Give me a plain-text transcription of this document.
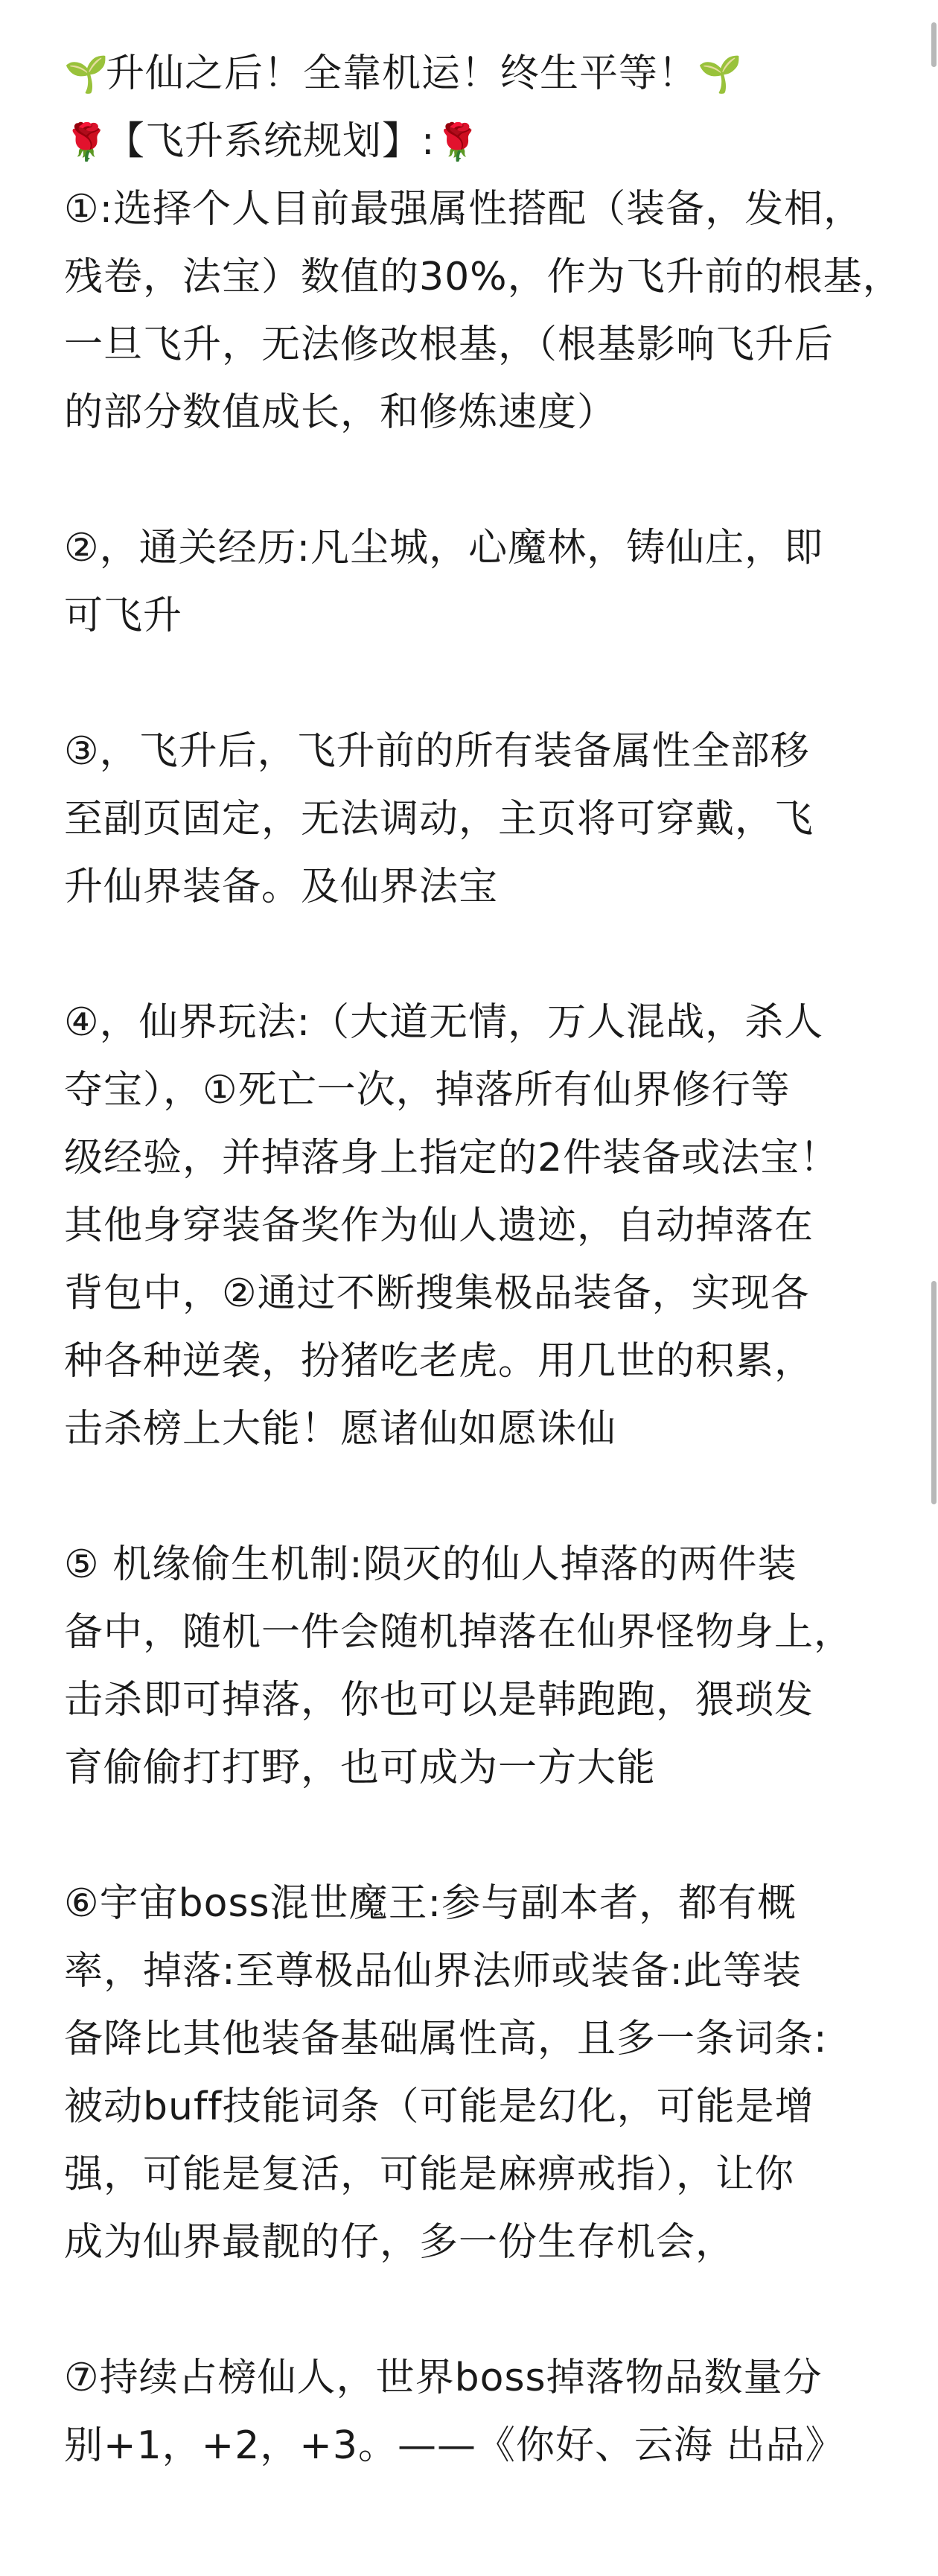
🌱升仙之后！全靠机运！终生平等！🌱
🌹【飞升系统规划】:🌹
①:选择个人目前最强属性搭配（装备，发相，
残卷，法宝）数值的30%，作为飞升前的根基，
一旦飞升，无法修改根基，（根基影响飞升后
的部分数值成长，和修炼速度）
②，通关经历:凡尘城，心魔林，铸仙庄，即
可飞升
③，飞升后，飞升前的所有装备属性全部移
至副页固定，无法调动，主页将可穿戴，飞
升仙界装备。及仙界法宝
④，仙界玩法:（大道无情，万人混战，杀人
夺宝），①死亡一次，掉落所有仙界修行等
级经验，并掉落身上指定的2件装备或法宝！
其他身穿装备奖作为仙人遗迹，自动掉落在
背包中，②通过不断搜集极品装备，实现各
种各种逆袭，扮猪吃老虎。用几世的积累，
击杀榜上大能！愿诸仙如愿诛仙
⑤ 机缘偷生机制:陨灭的仙人掉落的两件装
备中，随机一件会随机掉落在仙界怪物身上，
击杀即可掉落，你也可以是韩跑跑，猥琐发
育偷偷打打野，也可成为一方大能
⑥宇宙boss混世魔王:参与副本者，都有概
率，掉落:至尊极品仙界法师或装备:此等装
备降比其他装备基础属性高，且多一条词条:
被动buff技能词条（可能是幻化，可能是增
强，可能是复活，可能是麻痹戒指），让你
成为仙界最靓的仔，多一份生存机会，
⑦持续占榜仙人，世界boss掉落物品数量分
别+1，+2，+3。——《你好、云海 出品》
